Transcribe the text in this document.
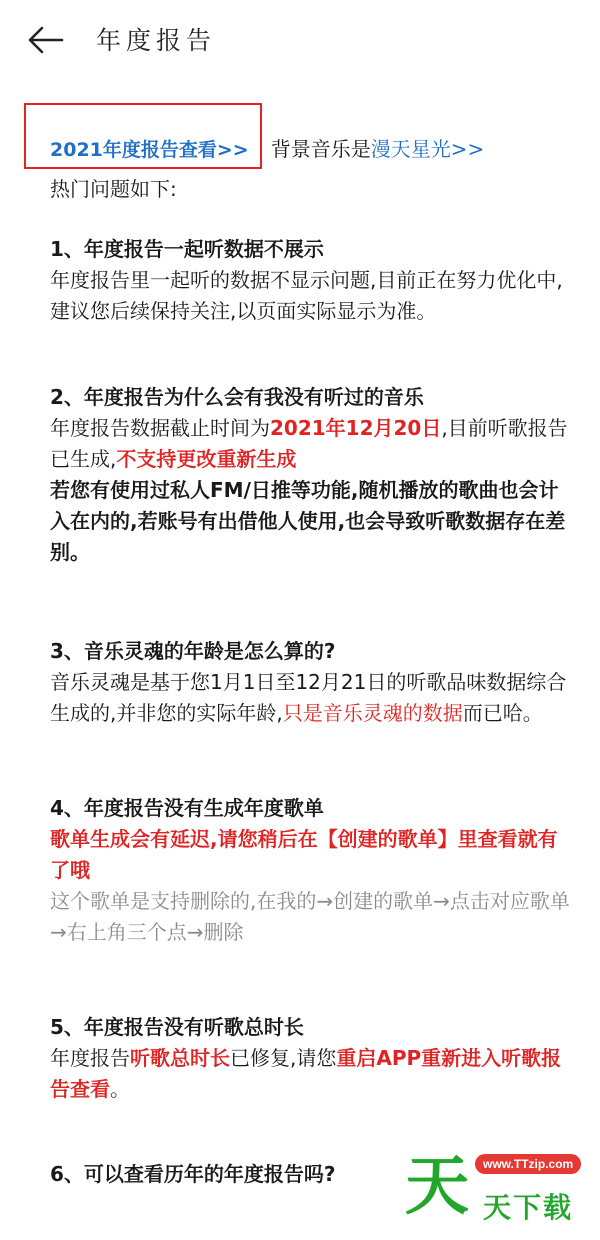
年度报告
2021年度报告查看>> 背景音乐是 漫天星光>>

热门问题如下:

1、年度报告一起听数据不展示

年度报告里一起听的数据不显示问题,目前正在努力优化中,建议您后续保持关注,以页面实际显示为准。

2、年度报告为什么会有我没有听过的音乐

年度报告数据截止时间为2021年12月20日,目前听歌报告已生成,不支持更改重新生成

若您有使用过私人FM/日推等功能,随机播放的歌曲也会计入在内的,若账号有出借他人使用,也会导致听歌数据存在差别。

3、音乐灵魂的年龄是怎么算的?

音乐灵魂是基于您1月1日至12月21日的听歌品味数据综合生成的,并非您的实际年龄,只是音乐灵魂的数据而已哈。

4、年度报告没有生成年度歌单

歌单生成会有延迟,请您稍后在【创建的歌单】里查看就有了哦

这个歌单是支持删除的,在我的→创建的歌单→点击对应歌单→右上角三个点→删除

5、年度报告没有听歌总时长

年度报告听歌总时长已修复,请您重启APP重新进入听歌报告查看。

6、可以查看历年的年度报告吗?	天	www.TTzip.com
天下载
